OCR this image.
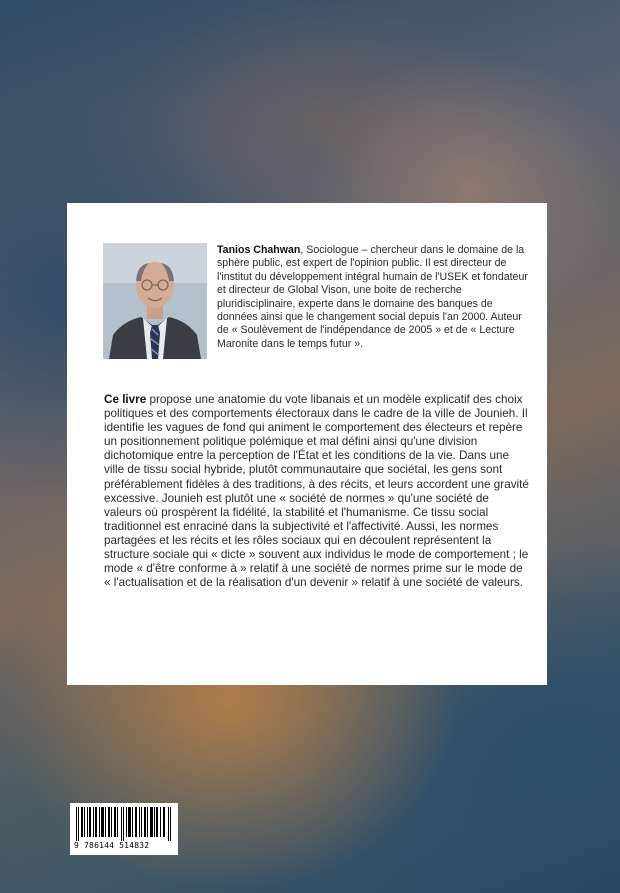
Tanios Chahwan, Sociologue – chercheur dans le domaine de la sphère public, est expert de l'opinion public. Il est directeur de l'institut du développement intégral humain de l'USEK et fondateur et directeur de Global Vison, une boite de recherche pluridisciplinaire, experte dans le domaine des banques de données ainsi que le changement social depuis l'an 2000. Auteur de « Soulèvement de l'indépendance de 2005 » et de « Lecture Maronite dans le temps futur ».
Ce livre propose une anatomie du vote libanais et un modèle explicatif des choix politiques et des comportements électoraux dans le cadre de la ville de Jounieh. Il identifie les vagues de fond qui animent le comportement des électeurs et repère un positionnement politique polémique et mal défini ainsi qu'une division dichotomique entre la perception de l'État et les conditions de la vie. Dans une ville de tissu social hybride, plutôt communautaire que sociétal, les gens sont préférablement fidèles à des traditions, à des récits, et leurs accordent une gravité excessive. Jounieh est plutôt une « société de normes » qu'une société de valeurs où prospèrent la fidélité, la stabilité et l'humanisme. Ce tissu social traditionnel est enraciné dans la subjectivité et l'affectivité. Aussi, les normes partagées et les récits et les rôles sociaux qui en découlent représentent la structure sociale qui « dicte » souvent aux individus le mode de comportement ; le mode « d'être conforme à » relatif à une société de normes prime sur le mode de « l'actualisation et de la réalisation d'un devenir » relatif à une société de valeurs.
9 786144 514832
